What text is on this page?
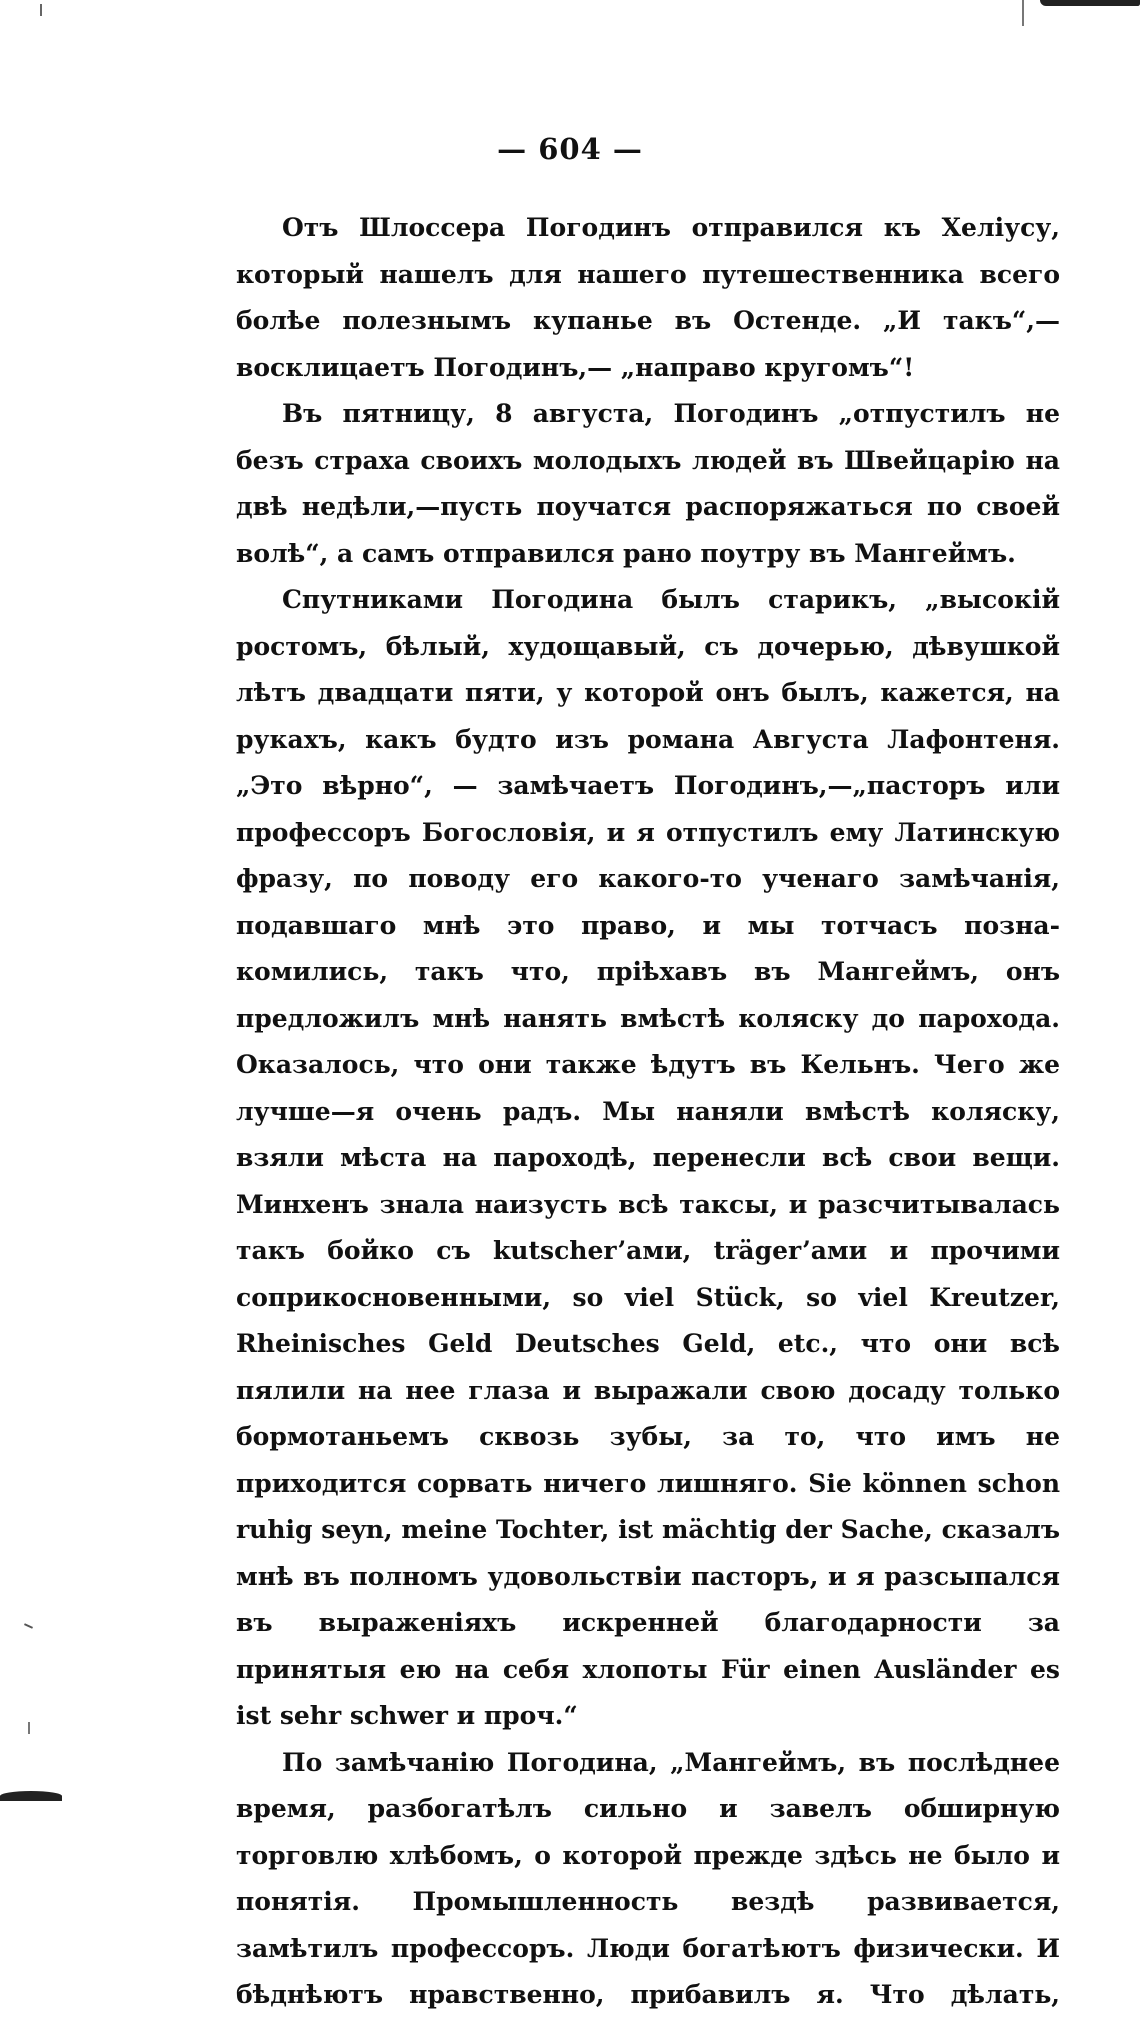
— 604 —

Отъ Шлоссера Погодинъ отправился къ Хеліусу, который нашелъ для нашего путешественника всего болѣе полезнымъ купанье въ Остенде. „И такъ“,—восклицаетъ Погодинъ,— „направо кругомъ“!

Въ пятницу, 8 августа, Погодинъ „отпустилъ не безъ страха своихъ молодыхъ людей въ Швейцарію на двѣ недѣли,—пусть поучатся распоряжаться по своей волѣ“, а самъ отправился рано поутру въ Мангеймъ.

Спутниками Погодина былъ старикъ, „высокій ростомъ, бѣлый, худощавый, съ дочерью, дѣвушкой лѣтъ двадцати пяти, у которой онъ былъ, кажется, на рукахъ, какъ будто изъ романа Августа Лафонтеня. „Это вѣрно“, — замѣчаетъ Погодинъ,—„пасторъ или профессоръ Богословія, и я отпустилъ ему Латинскую фразу, по поводу его какого-то ученаго замѣчанія, подавшаго мнѣ это право, и мы тотчасъ познакомились, такъ что, пріѣхавъ въ Мангеймъ, онъ предложилъ мнѣ нанять вмѣстѣ коляску до парохода. Оказалось, что они также ѣдутъ въ Кельнъ. Чего же лучше—я очень радъ. Мы наняли вмѣстѣ коляску, взяли мѣста на пароходѣ, перенесли всѣ свои вещи. Минхенъ знала наизусть всѣ таксы, и разсчитывалась такъ бойко съ kutscher’ами, träger’ами и прочими соприкосновенными, so viel Stück, so viel Kreutzer, Rheinisches Geld Deutsches Geld, etc., что они всѣ пялили на нее глаза и выражали свою досаду только бормотаньемъ сквозь зубы, за то, что имъ не приходится сорвать ничего лишняго. Sie können schon ruhig seyn, meine Tochter, ist mächtig der Sache, сказалъ мнѣ въ полномъ удовольствіи пасторъ, и я разсыпался въ выраженіяхъ искренней благодарности за принятыя ею на себя хлопоты Für einen Ausländer es ist sehr schwer и проч.“

По замѣчанію Погодина, „Мангеймъ, въ послѣднее время, разбогатѣлъ сильно и завелъ обширную торговлю хлѣбомъ, о которой прежде здѣсь не было и понятія. Промышленность вездѣ развивается, замѣтилъ профессоръ. Люди богатѣютъ физически. И бѣднѣютъ нравственно, прибавилъ я. Что дѣлать,
